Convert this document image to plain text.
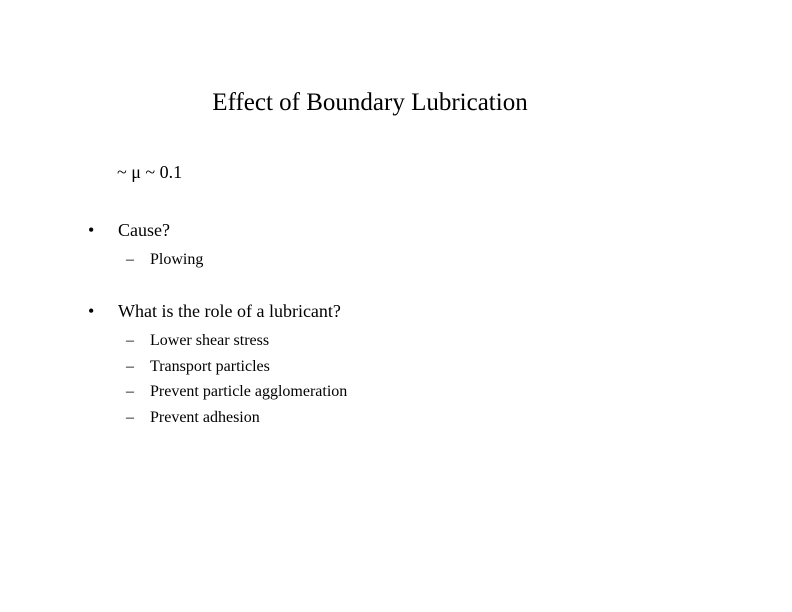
Effect of Boundary Lubrication
~ μ ~ 0.1
•	Cause?
– Plowing
•	What is the role of a lubricant?
– Lower shear stress
– Transport particles
– Prevent particle agglomeration
– Prevent adhesion
